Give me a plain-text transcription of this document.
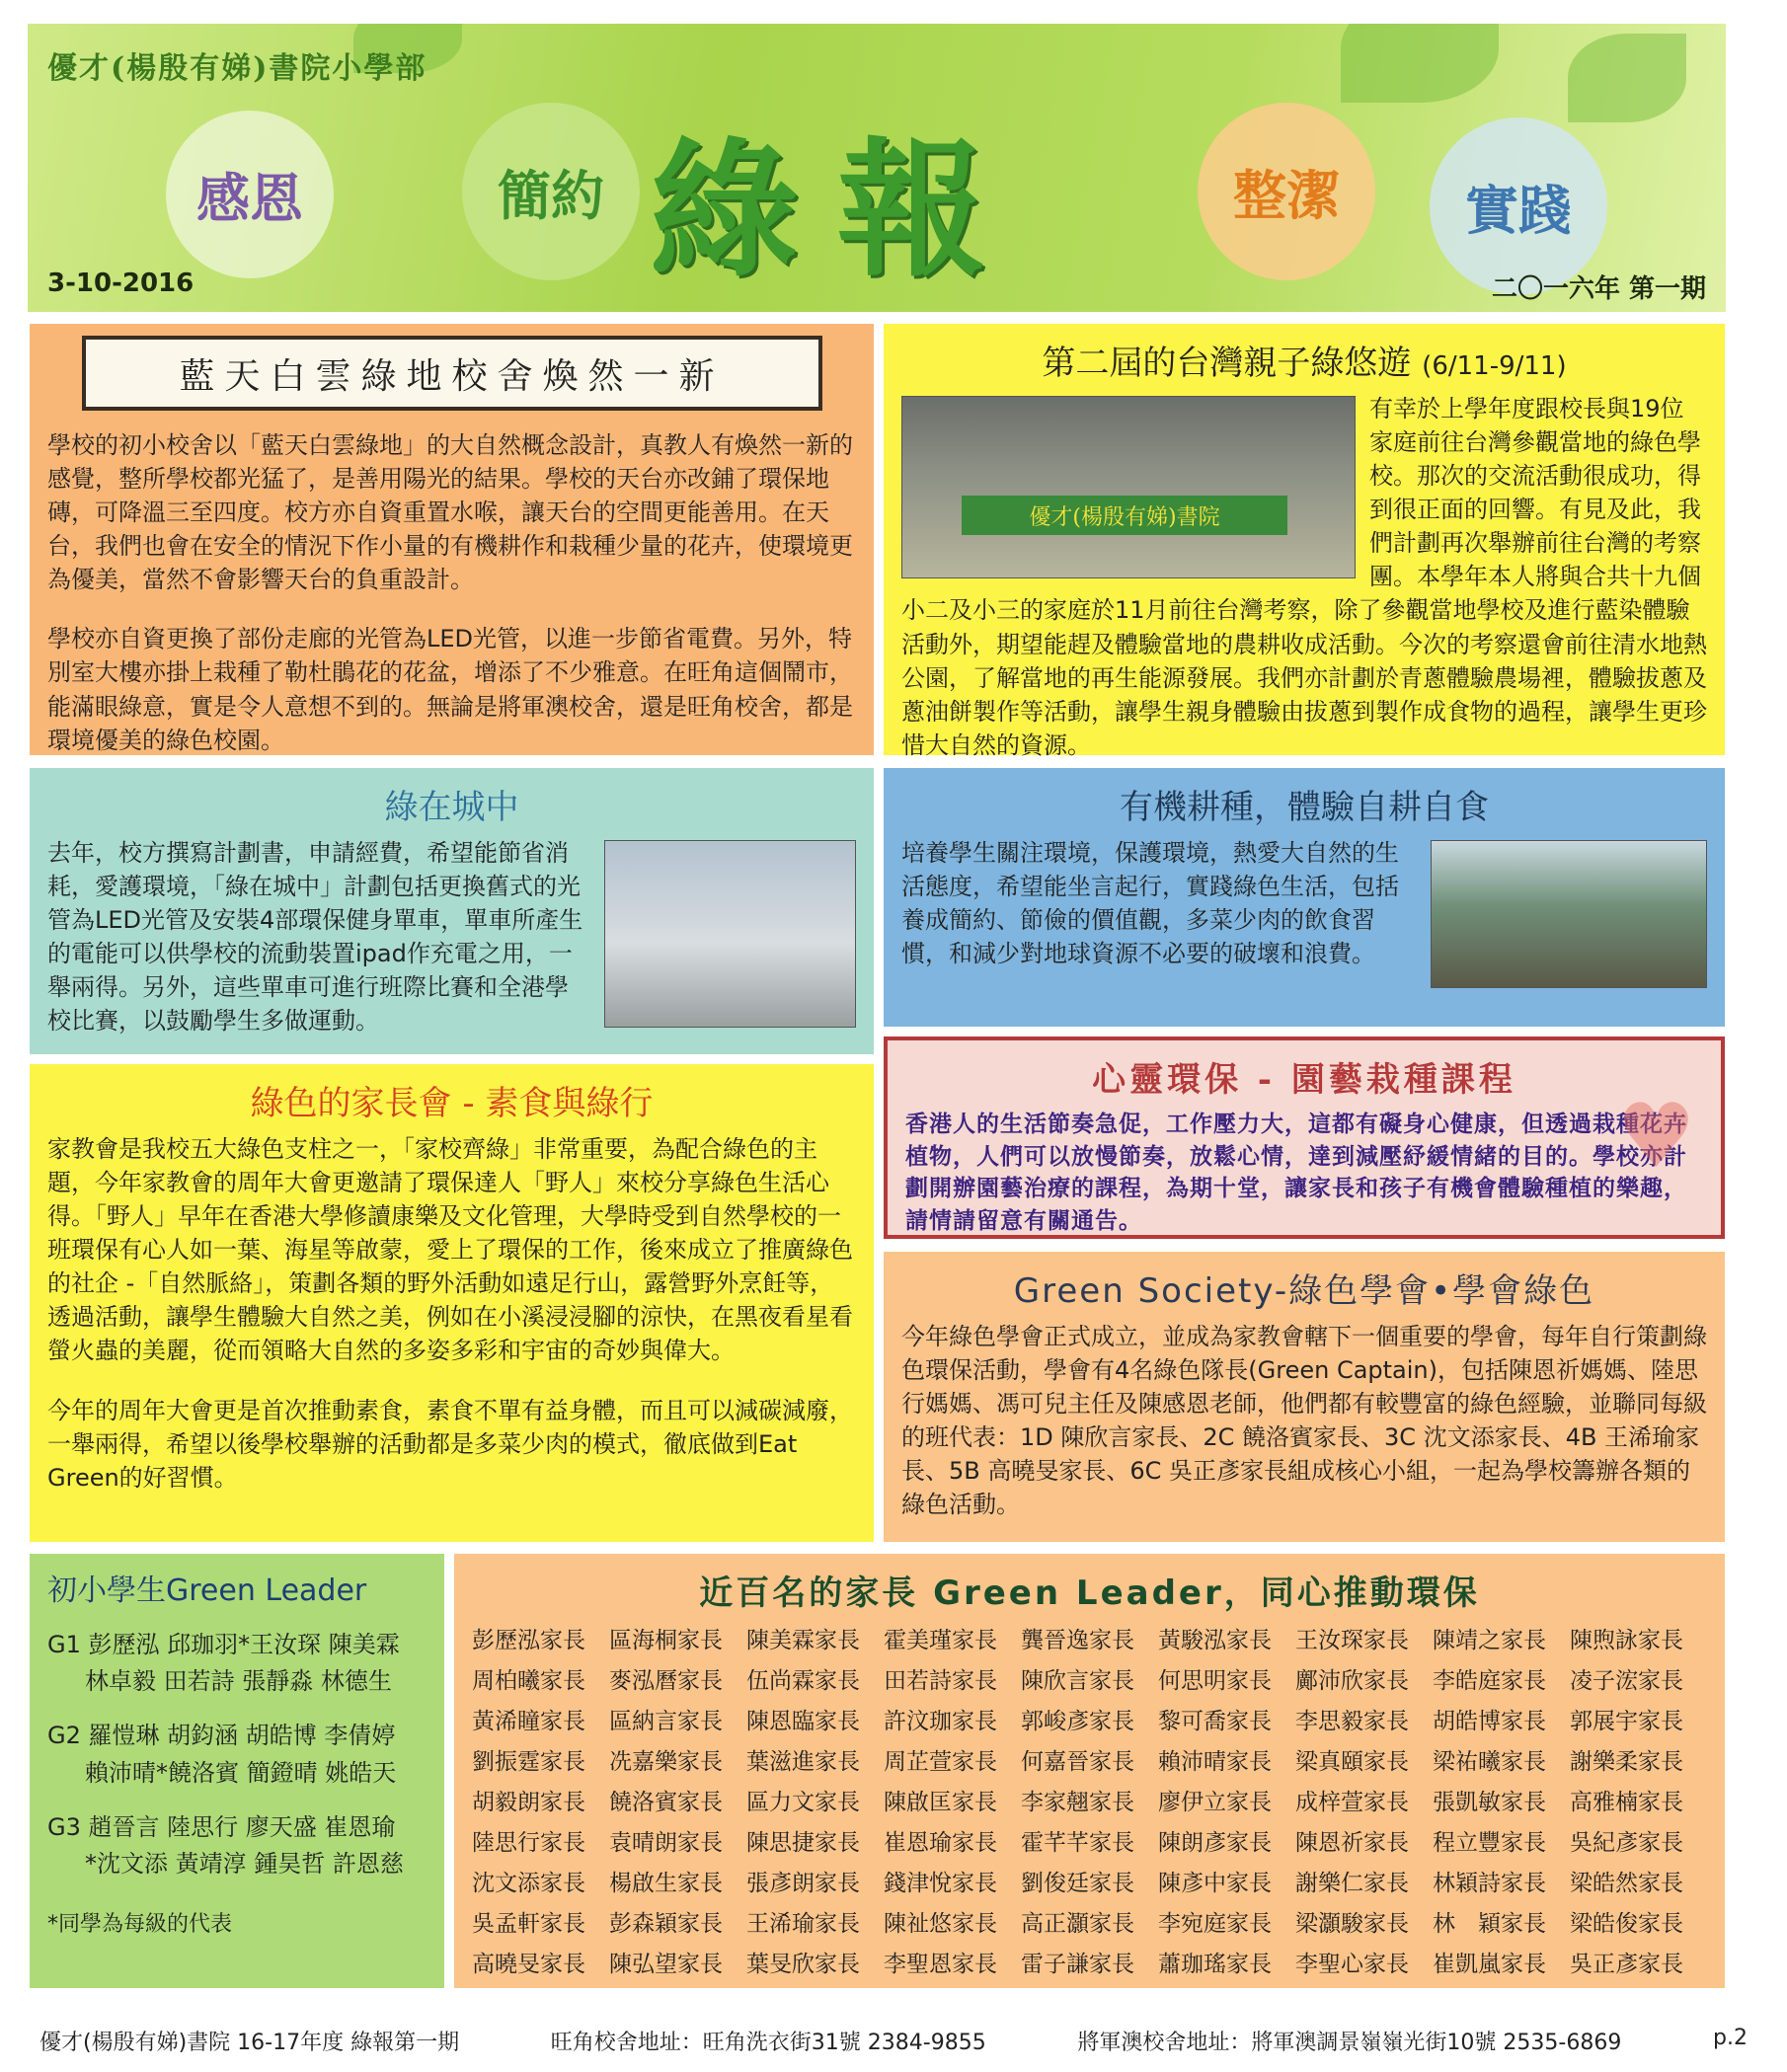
優才(楊殷有娣)書院小學部
感恩	簡約 綠報	整潔	實踐
3-10-2016	二〇一六年 第一期
藍天白雲綠地校舍煥然一新

學校的初小校舍以「藍天白雲綠地」的大自然概念設計，真教人有煥然一新的感覺，整所學校都光猛了，是善用陽光的結果。學校的天台亦改鋪了環保地磚，可降溫三至四度。校方亦自資重置水喉，讓天台的空間更能善用。在天台，我們也會在安全的情況下作小量的有機耕作和栽種少量的花卉，使環境更為優美，當然不會影響天台的負重設計。

學校亦自資更換了部份走廊的光管為LED光管，以進一步節省電費。另外，特別室大樓亦掛上栽種了勒杜鵑花的花盆，增添了不少雅意。在旺角這個鬧市，能滿眼綠意，實是令人意想不到的。無論是將軍澳校舍，還是旺角校舍，都是環境優美的綠色校園。

第二屆的台灣親子綠悠遊 (6/11-9/11)
優才(楊殷有娣)書院

有幸於上學年度跟校長與19位家庭前往台灣參觀當地的綠色學校。那次的交流活動很成功，得到很正面的回響。有見及此，我們計劃再次舉辦前往台灣的考察團。本學年本人將與合共十九個小二及小三的家庭於11月前往台灣考察，除了參觀當地學校及進行藍染體驗活動外，期望能趕及體驗當地的農耕收成活動。今次的考察還會前往清水地熱公園，了解當地的再生能源發展。我們亦計劃於青蔥體驗農場裡，體驗拔蔥及蔥油餅製作等活動，讓學生親身體驗由拔蔥到製作成食物的過程，讓學生更珍惜大自然的資源。

綠在城中

去年，校方撰寫計劃書，申請經費，希望能節省消耗，愛護環境，「綠在城中」計劃包括更換舊式的光管為LED光管及安裝4部環保健身單車，單車所產生的電能可以供學校的流動裝置ipad作充電之用，一舉兩得。另外，這些單車可進行班際比賽和全港學校比賽，以鼓勵學生多做運動。

有機耕種，體驗自耕自食

培養學生關注環境，保護環境，熱愛大自然的生活態度，希望能坐言起行，實踐綠色生活，包括養成簡約、節儉的價值觀，多菜少肉的飲食習慣，和減少對地球資源不必要的破壞和浪費。

綠色的家長會 - 素食與綠行

家教會是我校五大綠色支柱之一，「家校齊綠」非常重要，為配合綠色的主題，今年家教會的周年大會更邀請了環保達人「野人」來校分享綠色生活心得。「野人」早年在香港大學修讀康樂及文化管理，大學時受到自然學校的一班環保有心人如一葉、海星等啟蒙，愛上了環保的工作，後來成立了推廣綠色的社企 -「自然脈絡」，策劃各類的野外活動如遠足行山，露營野外烹飪等，透過活動，讓學生體驗大自然之美，例如在小溪浸浸腳的涼快，在黑夜看星看螢火蟲的美麗，從而領略大自然的多姿多彩和宇宙的奇妙與偉大。

今年的周年大會更是首次推動素食，素食不單有益身體，而且可以減碳減廢，一舉兩得，希望以後學校舉辦的活動都是多菜少肉的模式，徹底做到Eat Green的好習慣。

♥
心靈環保 - 園藝栽種課程

香港人的生活節奏急促，工作壓力大，這都有礙身心健康，但透過栽種花卉植物，人們可以放慢節奏，放鬆心情，達到減壓紓緩情緒的目的。學校亦計劃開辦園藝治療的課程，為期十堂，讓家長和孩子有機會體驗種植的樂趣，請情請留意有關通告。

Green Society-綠色學會•學會綠色

今年綠色學會正式成立，並成為家教會轄下一個重要的學會，每年自行策劃綠色環保活動，學會有4名綠色隊長(Green Captain)，包括陳恩祈媽媽、陸思行媽媽、馮可兒主任及陳感恩老師，他們都有較豐富的綠色經驗，並聯同每級的班代表：1D 陳欣言家長、2C 饒洛賓家長、3C 沈文添家長、4B 王浠瑜家長、5B 高曉旻家長、6C 吳正彥家長組成核心小組，一起為學校籌辦各類的綠色活動。

初小學生Green Leader

G1 彭歷泓 邱珈羽*王汝琛 陳美霖

林卓毅 田若詩 張靜淼 林德生

G2 羅愷琳 胡鈞涵 胡皓博 李倩婷

賴沛晴*饒洛賓 簡鐙晴 姚皓天

G3 趙晉言 陸思行 廖天盛 崔恩瑜

*沈文添 黃靖淳 鍾昊哲 許恩慈

*同學為每級的代表

近百名的家長 Green Leader，同心推動環保
彭歷泓家長	區海桐家長	陳美霖家長	霍美瑾家長	龔晉逸家長	黃駿泓家長	王汝琛家長	陳靖之家長	陳煦詠家長
周柏曦家長	麥泓曆家長	伍尚霖家長	田若詩家長	陳欣言家長	何思明家長	鄺沛欣家長	李皓庭家長	凌子浤家長
黃浠瞳家長	區納言家長	陳恩臨家長	許汶珈家長	郭峻彥家長	黎可喬家長	李思毅家長	胡皓博家長	郭展宇家長
劉振霆家長	冼嘉樂家長	葉滋進家長	周芷萱家長	何嘉晉家長	賴沛晴家長	梁真頤家長	梁祐曦家長	謝樂柔家長
胡毅朗家長	饒洛賓家長	區力文家長	陳啟匡家長	李家翹家長	廖伊立家長	成梓萱家長	張凱敏家長	高雅楠家長
陸思行家長	袁晴朗家長	陳思捷家長	崔恩瑜家長	霍芊芊家長	陳朗彥家長	陳恩祈家長	程立豐家長	吳紀彥家長
沈文添家長	楊啟生家長	張彥朗家長	錢津悅家長	劉俊廷家長	陳彥中家長	謝樂仁家長	林穎詩家長	梁皓然家長
吳孟軒家長	彭森穎家長	王浠瑜家長	陳祉悠家長	高正灝家長	李宛庭家長	梁灝駿家長	林　穎家長	梁皓俊家長
高曉旻家長	陳弘望家長	葉旻欣家長	李聖恩家長	雷子謙家長	蕭珈瑤家長	李聖心家長	崔凱嵐家長	吳正彥家長
優才(楊殷有娣)書院 16-17年度 綠報第一期	旺角校舍地址：旺角洗衣街31號 2384-9855	將軍澳校舍地址：將軍澳調景嶺嶺光街10號 2535-6869	p.2
